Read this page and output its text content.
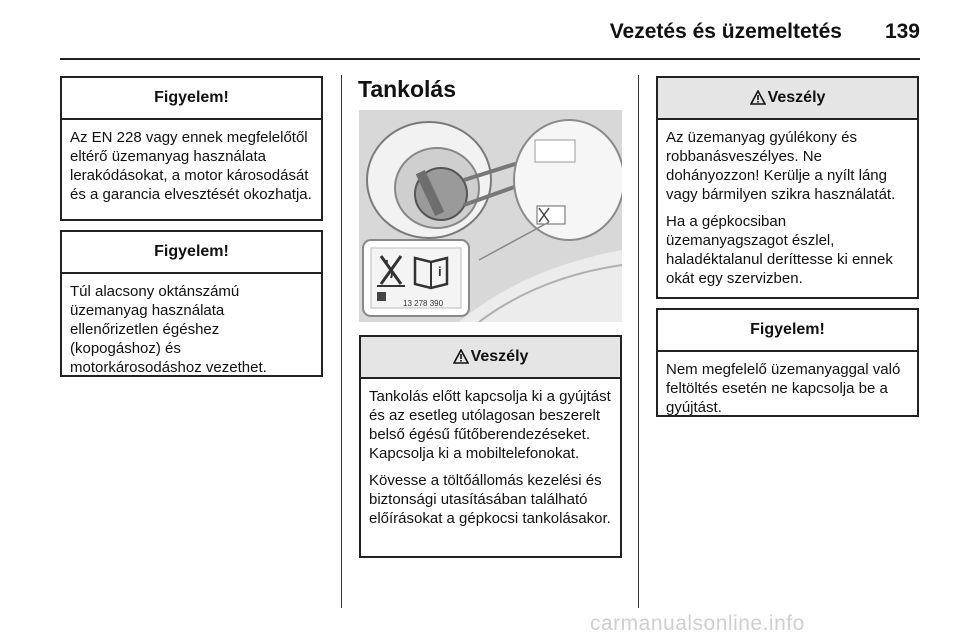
Vezetés és üzemeltetés 139
Figyelem!

Az EN 228 vagy ennek megfelelőtől eltérő üzemanyag használata lerakódásokat, a motor károsodását és a garancia elvesztését okozhatja.

Figyelem!

Túl alacsony oktánszámú üzemanyag használata ellenőrizetlen égéshez (kopogáshoz) és motorkárosodáshoz vezethet.

Tankolás
i
13 278 390
Veszély

Tankolás előtt kapcsolja ki a gyújtást és az esetleg utólagosan beszerelt belső égésű fűtőberendezéseket. Kapcsolja ki a mobiltelefonokat.

Kövesse a töltőállomás kezelési és biztonsági utasításában található előírásokat a gépkocsi tankolásakor.

Veszély

Az üzemanyag gyúlékony és robbanásveszélyes. Ne dohányozzon! Kerülje a nyílt láng vagy bármilyen szikra használatát.

Ha a gépkocsiban üzemanyagszagot észlel, haladéktalanul deríttesse ki ennek okát egy szervizben.

Figyelem!

Nem megfelelő üzemanyaggal való feltöltés esetén ne kapcsolja be a gyújtást.

carmanualsonline.info
